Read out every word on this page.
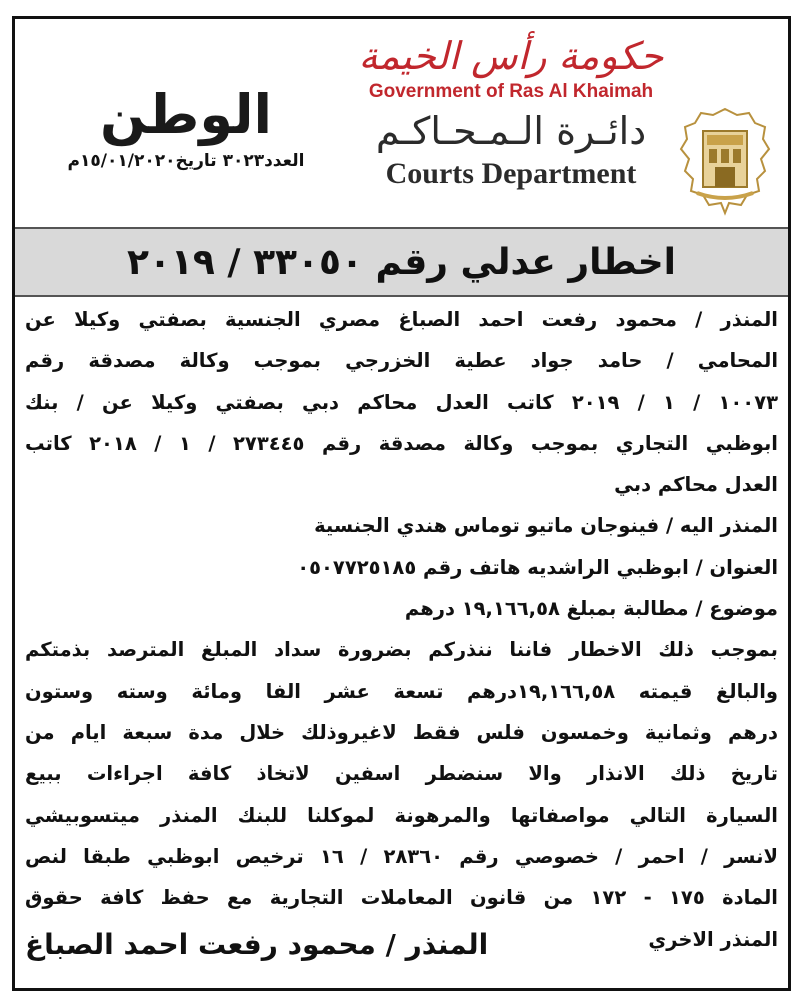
الوطن
العدد٣٠٢٣ تاريخ١٥/٠١/٢٠٢٠م
حكومة رأس الخيمة
Government of Ras Al Khaimah
دائـرة الـمـحـاكـم
Courts Department
اخطار عدلي رقم ٣٣٠٥٠ / ٢٠١٩
المنذر / محمود رفعت احمد الصباغ مصري الجنسية بصفتي وكيلا عن
المحامي / حامد جواد عطية الخزرجي بموجب وكالة مصدقة رقم
١٠٠٧٣ / ١ / ٢٠١٩ كاتب العدل محاكم دبي بصفتي وكيلا عن / بنك
ابوظبي التجاري بموجب وكالة مصدقة رقم ٢٧٣٤٤٥ / ١ / ٢٠١٨ كاتب
العدل محاكم دبي
المنذر اليه / فينوجان ماتيو توماس هندي الجنسية
العنوان / ابوظبي الراشديه هاتف رقم ٠٥٠٧٧٢٥١٨٥
موضوع / مطالبة بمبلغ ١٩,١٦٦,٥٨ درهم
بموجب ذلك الاخطار فاننا ننذركم بضرورة سداد المبلغ المترصد بذمتكم
والبالغ قيمته ١٩,١٦٦,٥٨درهم تسعة عشر الفا ومائة وسته وستون
درهم وثمانية وخمسون فلس فقط لاغيروذلك خلال مدة سبعة ايام من
تاريخ ذلك الانذار والا سنضطر اسفين لاتخاذ كافة اجراءات ببيع
السيارة التالي مواصفاتها والمرهونة لموكلنا للبنك المنذر ميتسوبيشي
لانسر / احمر / خصوصي رقم ٢٨٣٦٠ / ١٦ ترخيص ابوظبي طبقا لنص
المادة ١٧٥ - ١٧٢ من قانون المعاملات التجارية مع حفظ كافة حقوق
المنذر الاخري
المنذر / محمود رفعت احمد الصباغ
